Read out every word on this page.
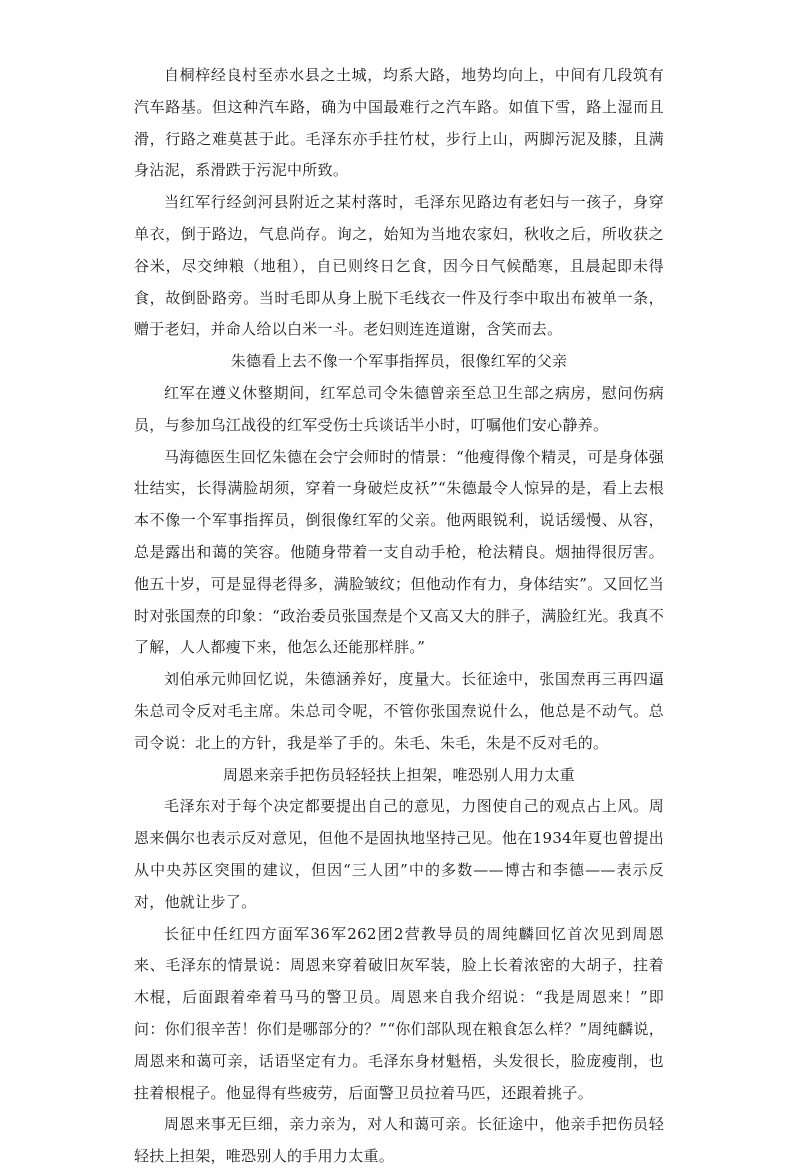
自桐梓经良村至赤水县之土城，均系大路，地势均向上，中间有几段筑有汽车路基。但这种汽车路，确为中国最难行之汽车路。如值下雪，路上湿而且滑，行路之难莫甚于此。毛泽东亦手拄竹杖，步行上山，两脚污泥及膝，且满身沾泥，系滑跌于污泥中所致。

当红军行经剑河县附近之某村落时，毛泽东见路边有老妇与一孩子，身穿单衣，倒于路边，气息尚存。询之，始知为当地农家妇，秋收之后，所收获之谷米，尽交绅粮（地租），自已则终日乞食，因今日气候酷寒，且晨起即未得食，故倒卧路旁。当时毛即从身上脱下毛线衣一件及行李中取出布被单一条，赠于老妇，并命人给以白米一斗。老妇则连连道谢，含笑而去。

朱德看上去不像一个军事指挥员，很像红军的父亲

红军在遵义休整期间，红军总司令朱德曾亲至总卫生部之病房，慰问伤病员，与参加乌江战役的红军受伤士兵谈话半小时，叮嘱他们安心静养。

马海德医生回忆朱德在会宁会师时的情景：“他瘦得像个精灵，可是身体强壮结实，长得满脸胡须，穿着一身破烂皮袄”“朱德最令人惊异的是，看上去根本不像一个军事指挥员，倒很像红军的父亲。他两眼锐利，说话缓慢、从容，总是露出和蔼的笑容。他随身带着一支自动手枪，枪法精良。烟抽得很厉害。他五十岁，可是显得老得多，满脸皱纹；但他动作有力，身体结实”。又回忆当时对张国焘的印象：“政治委员张国焘是个又高又大的胖子，满脸红光。我真不了解，人人都瘦下来，他怎么还能那样胖。”

刘伯承元帅回忆说，朱德涵养好，度量大。长征途中，张国焘再三再四逼朱总司令反对毛主席。朱总司令呢，不管你张国焘说什么，他总是不动气。总司令说：北上的方针，我是举了手的。朱毛、朱毛，朱是不反对毛的。

周恩来亲手把伤员轻轻扶上担架，唯恐别人用力太重

毛泽东对于每个决定都要提出自己的意见，力图使自己的观点占上风。周恩来偶尔也表示反对意见，但他不是固执地坚持己见。他在1934年夏也曾提出从中央苏区突围的建议，但因“三人团”中的多数——博古和李德——表示反对，他就让步了。

长征中任红四方面军36军262团2营教导员的周纯麟回忆首次见到周恩来、毛泽东的情景说：周恩来穿着破旧灰军装，脸上长着浓密的大胡子，拄着木棍，后面跟着牵着马马的警卫员。周恩来自我介绍说：“我是周恩来！”即问：你们很辛苦！你们是哪部分的？”“你们部队现在粮食怎么样？”周纯麟说，周恩来和蔼可亲，话语坚定有力。毛泽东身材魁梧，头发很长，脸庞瘦削，也拄着根棍子。他显得有些疲劳，后面警卫员拉着马匹，还跟着挑子。

周恩来事无巨细，亲力亲为，对人和蔼可亲。长征途中，他亲手把伤员轻轻扶上担架，唯恐别人的手用力太重。
